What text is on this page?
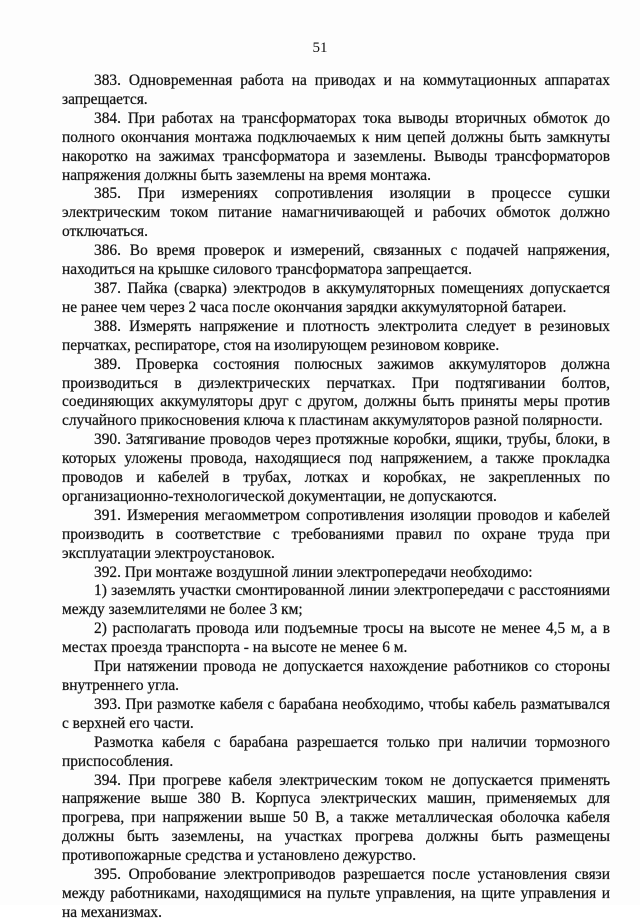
51

383. Одновременная работа на приводах и на коммутационных аппаратах запрещается.

384. При работах на трансформаторах тока выводы вторичных обмоток до полного окончания монтажа подключаемых к ним цепей должны быть замкнуты накоротко на зажимах трансформатора и заземлены. Выводы трансформаторов напряжения должны быть заземлены на время монтажа.

385. При измерениях сопротивления изоляции в процессе сушки электрическим током питание намагничивающей и рабочих обмоток должно отключаться.

386. Во время проверок и измерений, связанных с подачей напряжения, находиться на крышке силового трансформатора запрещается.

387. Пайка (сварка) электродов в аккумуляторных помещениях допускается не ранее чем через 2 часа после окончания зарядки аккумуляторной батареи.

388. Измерять напряжение и плотность электролита следует в резиновых перчатках, респираторе, стоя на изолирующем резиновом коврике.

389. Проверка состояния полюсных зажимов аккумуляторов должна производиться в диэлектрических перчатках. При подтягивании болтов, соединяющих аккумуляторы друг с другом, должны быть приняты меры против случайного прикосновения ключа к пластинам аккумуляторов разной полярности.

390. Затягивание проводов через протяжные коробки, ящики, трубы, блоки, в которых уложены провода, находящиеся под напряжением, а также прокладка проводов и кабелей в трубах, лотках и коробках, не закрепленных по организационно-технологической документации, не допускаются.

391. Измерения мегаомметром сопротивления изоляции проводов и кабелей производить в соответствие с требованиями правил по охране труда при эксплуатации электроустановок.

392. При монтаже воздушной линии электропередачи необходимо:

1) заземлять участки смонтированной линии электропередачи с расстояниями между заземлителями не более 3 км;

2) располагать провода или подъемные тросы на высоте не менее 4,5 м, а в местах проезда транспорта - на высоте не менее 6 м.

При натяжении провода не допускается нахождение работников со стороны внутреннего угла.

393. При размотке кабеля с барабана необходимо, чтобы кабель разматывался с верхней его части.

Размотка кабеля с барабана разрешается только при наличии тормозного приспособления.

394. При прогреве кабеля электрическим током не допускается применять напряжение выше 380 В. Корпуса электрических машин, применяемых для прогрева, при напряжении выше 50 В, а также металлическая оболочка кабеля должны быть заземлены, на участках прогрева должны быть размещены противопожарные средства и установлено дежурство.

395. Опробование электроприводов разрешается после установления связи между работниками, находящимися на пульте управления, на щите управления и на механизмах.
